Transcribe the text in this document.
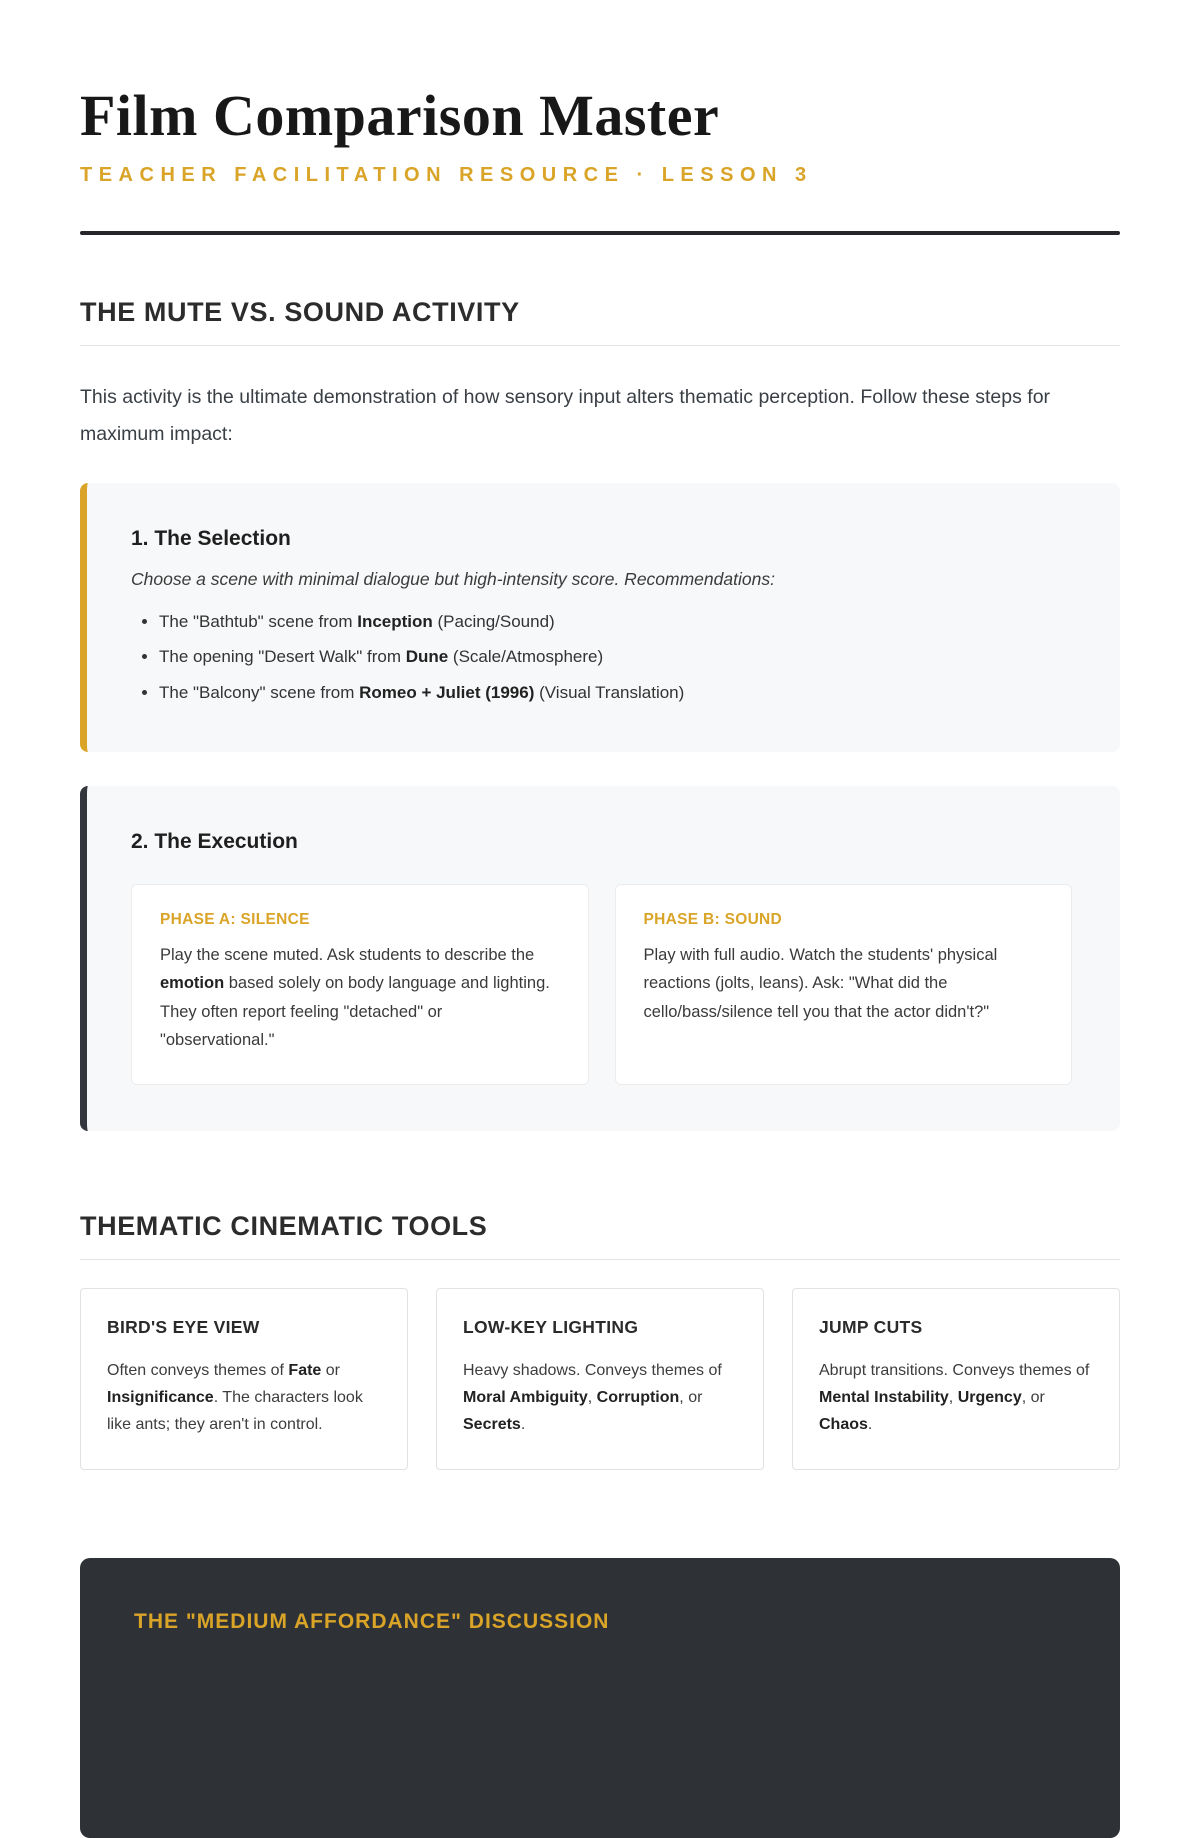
Film Comparison Master
TEACHER FACILITATION RESOURCE · LESSON 3
THE MUTE VS. SOUND ACTIVITY

This activity is the ultimate demonstration of how sensory input alters thematic perception. Follow these steps for maximum impact:

1. The Selection

Choose a scene with minimal dialogue but high-intensity score. Recommendations:

• The "Bathtub" scene from Inception (Pacing/Sound)
• The opening "Desert Walk" from Dune (Scale/Atmosphere)
• The "Balcony" scene from Romeo + Juliet (1996) (Visual Translation)
2. The Execution
PHASE A: SILENCE

Play the scene muted. Ask students to describe the emotion based solely on body language and lighting. They often report feeling "detached" or "observational."

PHASE B: SOUND

Play with full audio. Watch the students' physical reactions (jolts, leans). Ask: "What did the cello/bass/silence tell you that the actor didn't?"

THEMATIC CINEMATIC TOOLS
BIRD'S EYE VIEW

Often conveys themes of Fate or Insignificance. The characters look like ants; they aren't in control.

LOW-KEY LIGHTING

Heavy shadows. Conveys themes of Moral Ambiguity, Corruption, or Secrets.

JUMP CUTS

Abrupt transitions. Conveys themes of Mental Instability, Urgency, or Chaos.

THE "MEDIUM AFFORDANCE" DISCUSSION
